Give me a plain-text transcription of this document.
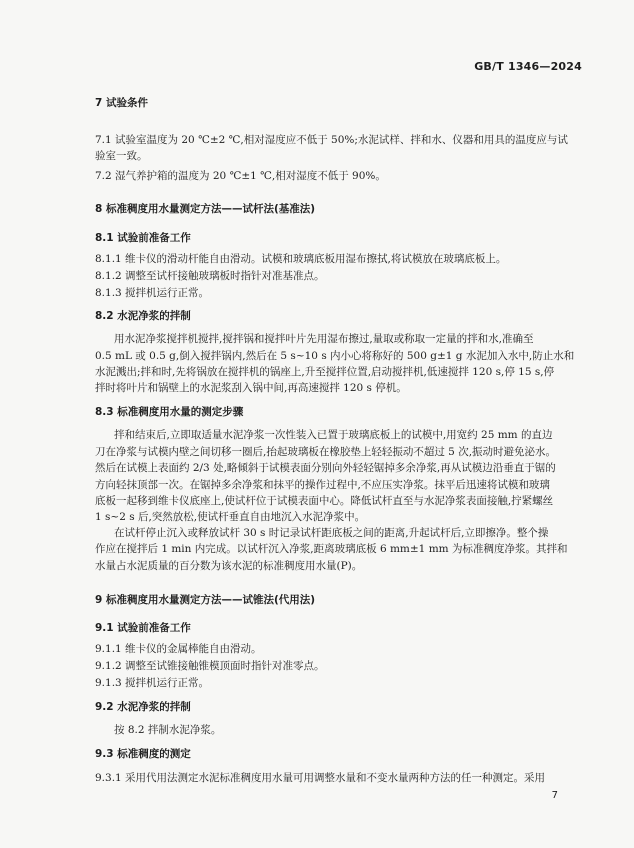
GB/T 1346—2024
7 试验条件
7.1 试验室温度为 20 ℃±2 ℃,相对湿度应不低于 50%;水泥试样、拌和水、仪器和用具的温度应与试
验室一致。
7.2 湿气养护箱的温度为 20 ℃±1 ℃,相对湿度不低于 90%。
8 标准稠度用水量测定方法——试杆法(基准法)
8.1 试验前准备工作
8.1.1 维卡仪的滑动杆能自由滑动。试模和玻璃底板用湿布擦拭,将试模放在玻璃底板上。
8.1.2 调整至试杆接触玻璃板时指针对准基准点。
8.1.3 搅拌机运行正常。
8.2 水泥净浆的拌制
用水泥净浆搅拌机搅拌,搅拌锅和搅拌叶片先用湿布擦过,量取或称取一定量的拌和水,准确至
0.5 mL 或 0.5 g,倒入搅拌锅内,然后在 5 s~10 s 内小心将称好的 500 g±1 g 水泥加入水中,防止水和
水泥溅出;拌和时,先将锅放在搅拌机的锅座上,升至搅拌位置,启动搅拌机,低速搅拌 120 s,停 15 s,停
拌时将叶片和锅壁上的水泥浆刮入锅中间,再高速搅拌 120 s 停机。
8.3 标准稠度用水量的测定步骤
拌和结束后,立即取适量水泥净浆一次性装入已置于玻璃底板上的试模中,用宽约 25 mm 的直边
刀在净浆与试模内壁之间切移一圈后,抬起玻璃板在橡胶垫上轻轻振动不超过 5 次,振动时避免泌水。
然后在试模上表面约 2/3 处,略倾斜于试模表面分别向外轻轻锯掉多余净浆,再从试模边沿垂直于锯的
方向轻抹顶部一次。在锯掉多余净浆和抹平的操作过程中,不应压实净浆。抹平后迅速将试模和玻璃
底板一起移到维卡仪底座上,使试杆位于试模表面中心。降低试杆直至与水泥净浆表面接触,拧紧螺丝
1 s~2 s 后,突然放松,使试杆垂直自由地沉入水泥净浆中。
在试杆停止沉入或释放试杆 30 s 时记录试杆距底板之间的距离,升起试杆后,立即擦净。整个操
作应在搅拌后 1 min 内完成。以试杆沉入净浆,距离玻璃底板 6 mm±1 mm 为标准稠度净浆。其拌和
水量占水泥质量的百分数为该水泥的标准稠度用水量(P)。
9 标准稠度用水量测定方法——试锥法(代用法)
9.1 试验前准备工作
9.1.1 维卡仪的金属棒能自由滑动。
9.1.2 调整至试锥接触锥模顶面时指针对准零点。
9.1.3 搅拌机运行正常。
9.2 水泥净浆的拌制
按 8.2 拌制水泥净浆。
9.3 标准稠度的测定
9.3.1 采用代用法测定水泥标准稠度用水量可用调整水量和不变水量两种方法的任一种测定。采用
7
